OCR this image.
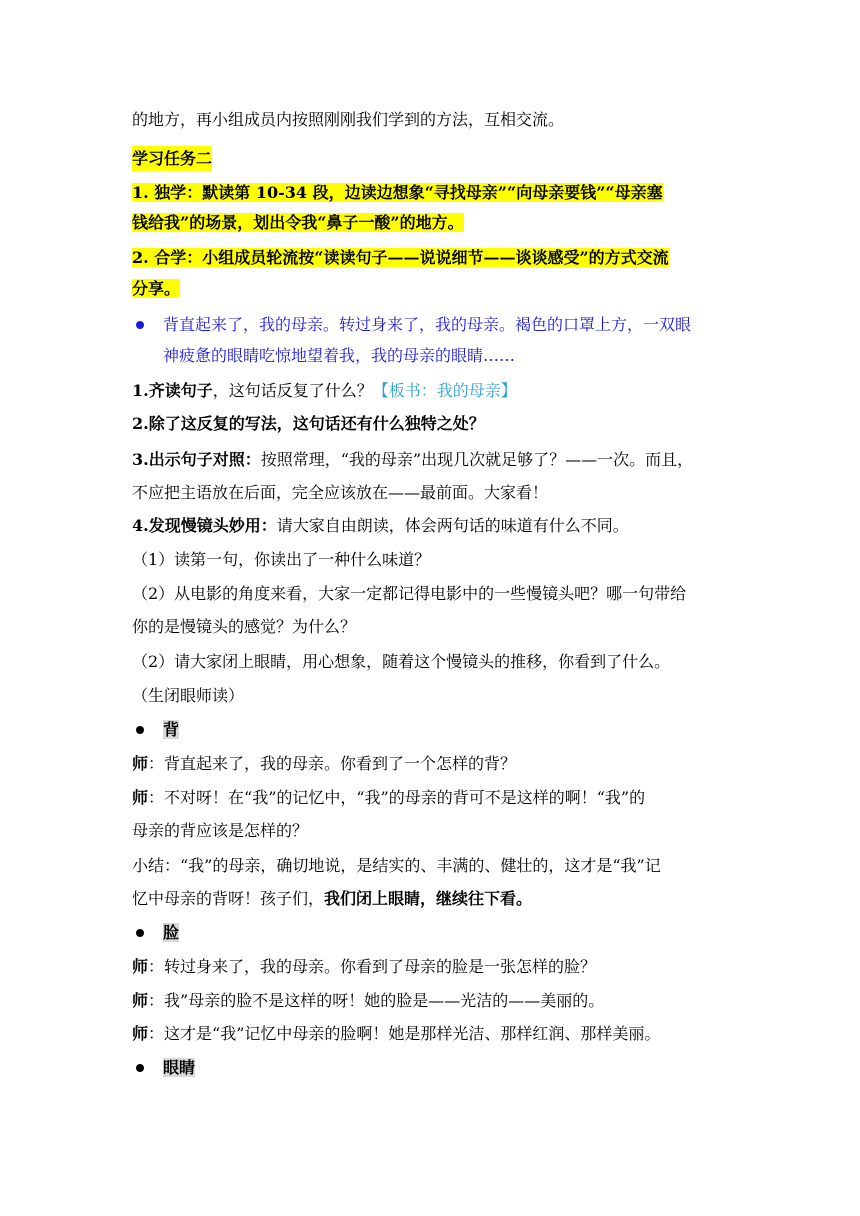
的地方，再小组成员内按照刚刚我们学到的方法，互相交流。
学习任务二
1. 独学：默读第 10-34 段，边读边想象“寻找母亲”“向母亲要钱”“母亲塞
钱给我”的场景，划出令我“鼻子一酸”的地方。
2. 合学：小组成员轮流按“读读句子——说说细节——谈谈感受”的方式交流
分享。
背直起来了，我的母亲。转过身来了，我的母亲。褐色的口罩上方，一双眼
神疲惫的眼睛吃惊地望着我，我的母亲的眼睛……
1.齐读句子，这句话反复了什么？【板书：我的母亲】
2.除了这反复的写法，这句话还有什么独特之处？
3.出示句子对照：按照常理，“我的母亲”出现几次就足够了？——一次。而且，
不应把主语放在后面，完全应该放在——最前面。大家看！
4.发现慢镜头妙用：请大家自由朗读，体会两句话的味道有什么不同。
（1）读第一句，你读出了一种什么味道？
（2）从电影的角度来看，大家一定都记得电影中的一些慢镜头吧？哪一句带给
你的是慢镜头的感觉？为什么？
（2）请大家闭上眼睛，用心想象，随着这个慢镜头的推移，你看到了什么。
（生闭眼师读）
背
师：背直起来了，我的母亲。你看到了一个怎样的背？
师：不对呀！在“我”的记忆中，“我”的母亲的背可不是这样的啊！“我”的
母亲的背应该是怎样的？
小结：“我”的母亲，确切地说，是结实的、丰满的、健壮的，这才是“我”记
忆中母亲的背呀！孩子们，我们闭上眼睛，继续往下看。
脸
师：转过身来了，我的母亲。你看到了母亲的脸是一张怎样的脸？
师：我”母亲的脸不是这样的呀！她的脸是——光洁的——美丽的。
师：这才是“我”记忆中母亲的脸啊！她是那样光洁、那样红润、那样美丽。
眼睛
